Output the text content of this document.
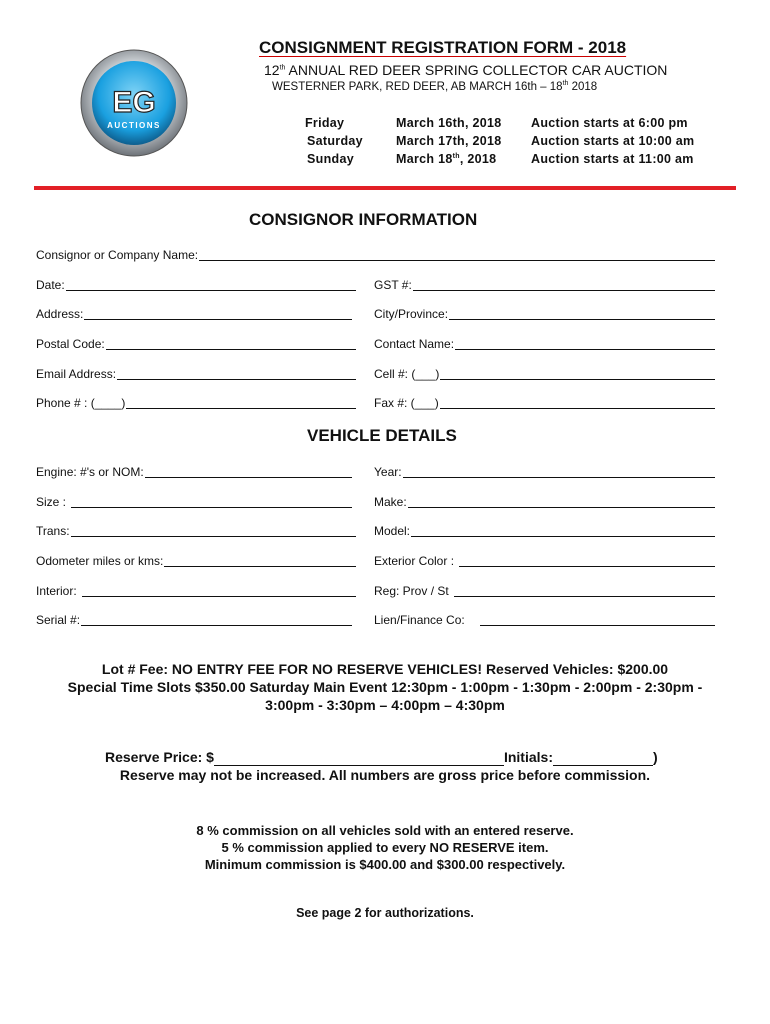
EG
AUCTIONS
CONSIGNMENT REGISTRATION FORM - 2018
12th ANNUAL RED DEER SPRING COLLECTOR CAR AUCTION
WESTERNER PARK, RED DEER, AB MARCH 16th – 18th 2018
Friday	March 16th, 2018 Auction starts at 6:00 pm
Saturday	March 17th, 2018 Auction starts at 10:00 am
Sunday	March 18th, 2018	Auction starts at 11:00 am
CONSIGNOR INFORMATION
Consignor or Company Name:
Date:	GST #:
Address:	City/Province:
Postal Code:	Contact Name:
Email Address:	Cell #: (___)
Phone # : (____)	Fax #: (___)
VEHICLE DETAILS
Engine: #'s or NOM:	Year:
Size :	Make:
Trans:	Model:
Odometer miles or kms:	Exterior Color :
Interior:	Reg: Prov / St
Serial #:	Lien/Finance Co:
Lot # Fee: NO ENTRY FEE FOR NO RESERVE VEHICLES! Reserved Vehicles: $200.00
Special Time Slots $350.00 Saturday Main Event 12:30pm - 1:00pm - 1:30pm - 2:00pm - 2:30pm -
3:00pm - 3:30pm – 4:00pm – 4:30pm
Reserve Price: $	Initials:	)
Reserve may not be increased. All numbers are gross price before commission.
8 % commission on all vehicles sold with an entered reserve.
5 % commission applied to every NO RESERVE item.
Minimum commission is $400.00 and $300.00 respectively.
See page 2 for authorizations.
